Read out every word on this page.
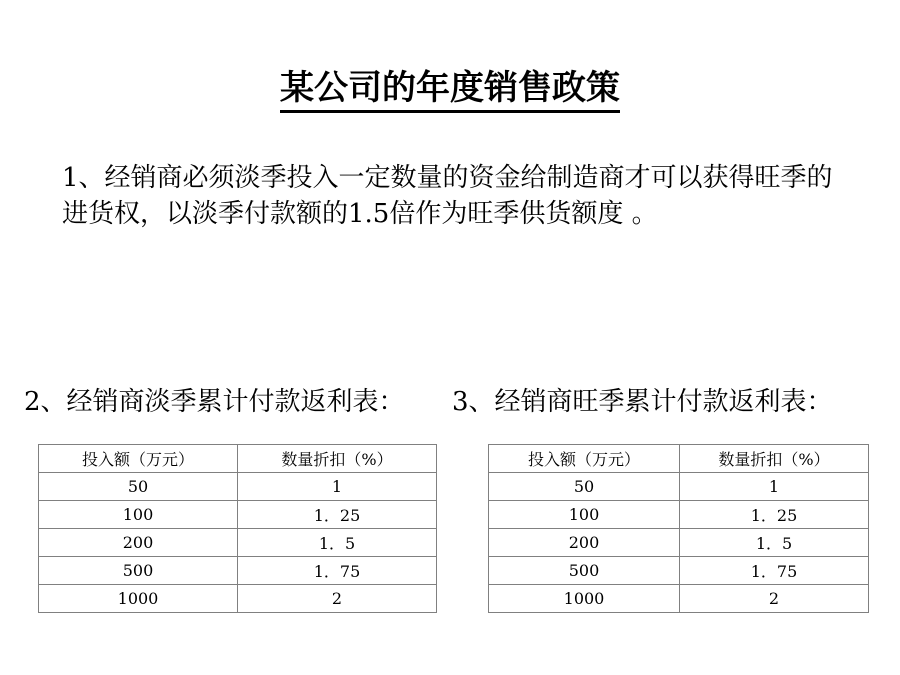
某公司的年度销售政策
1、经销商必须淡季投入一定数量的资金给制造商才可以获得旺季的进货权，以淡季付款额的1.5倍作为旺季供货额度 。
2、经销商淡季累计付款返利表： 3、经销商旺季累计付款返利表：
投入额（万元）	数量折扣（%）
50	1
100	1．25
200	1．5
500	1．75
1000	2
投入额（万元）	数量折扣（%）
50	1
100	1．25
200	1．5
500	1．75
1000	2
